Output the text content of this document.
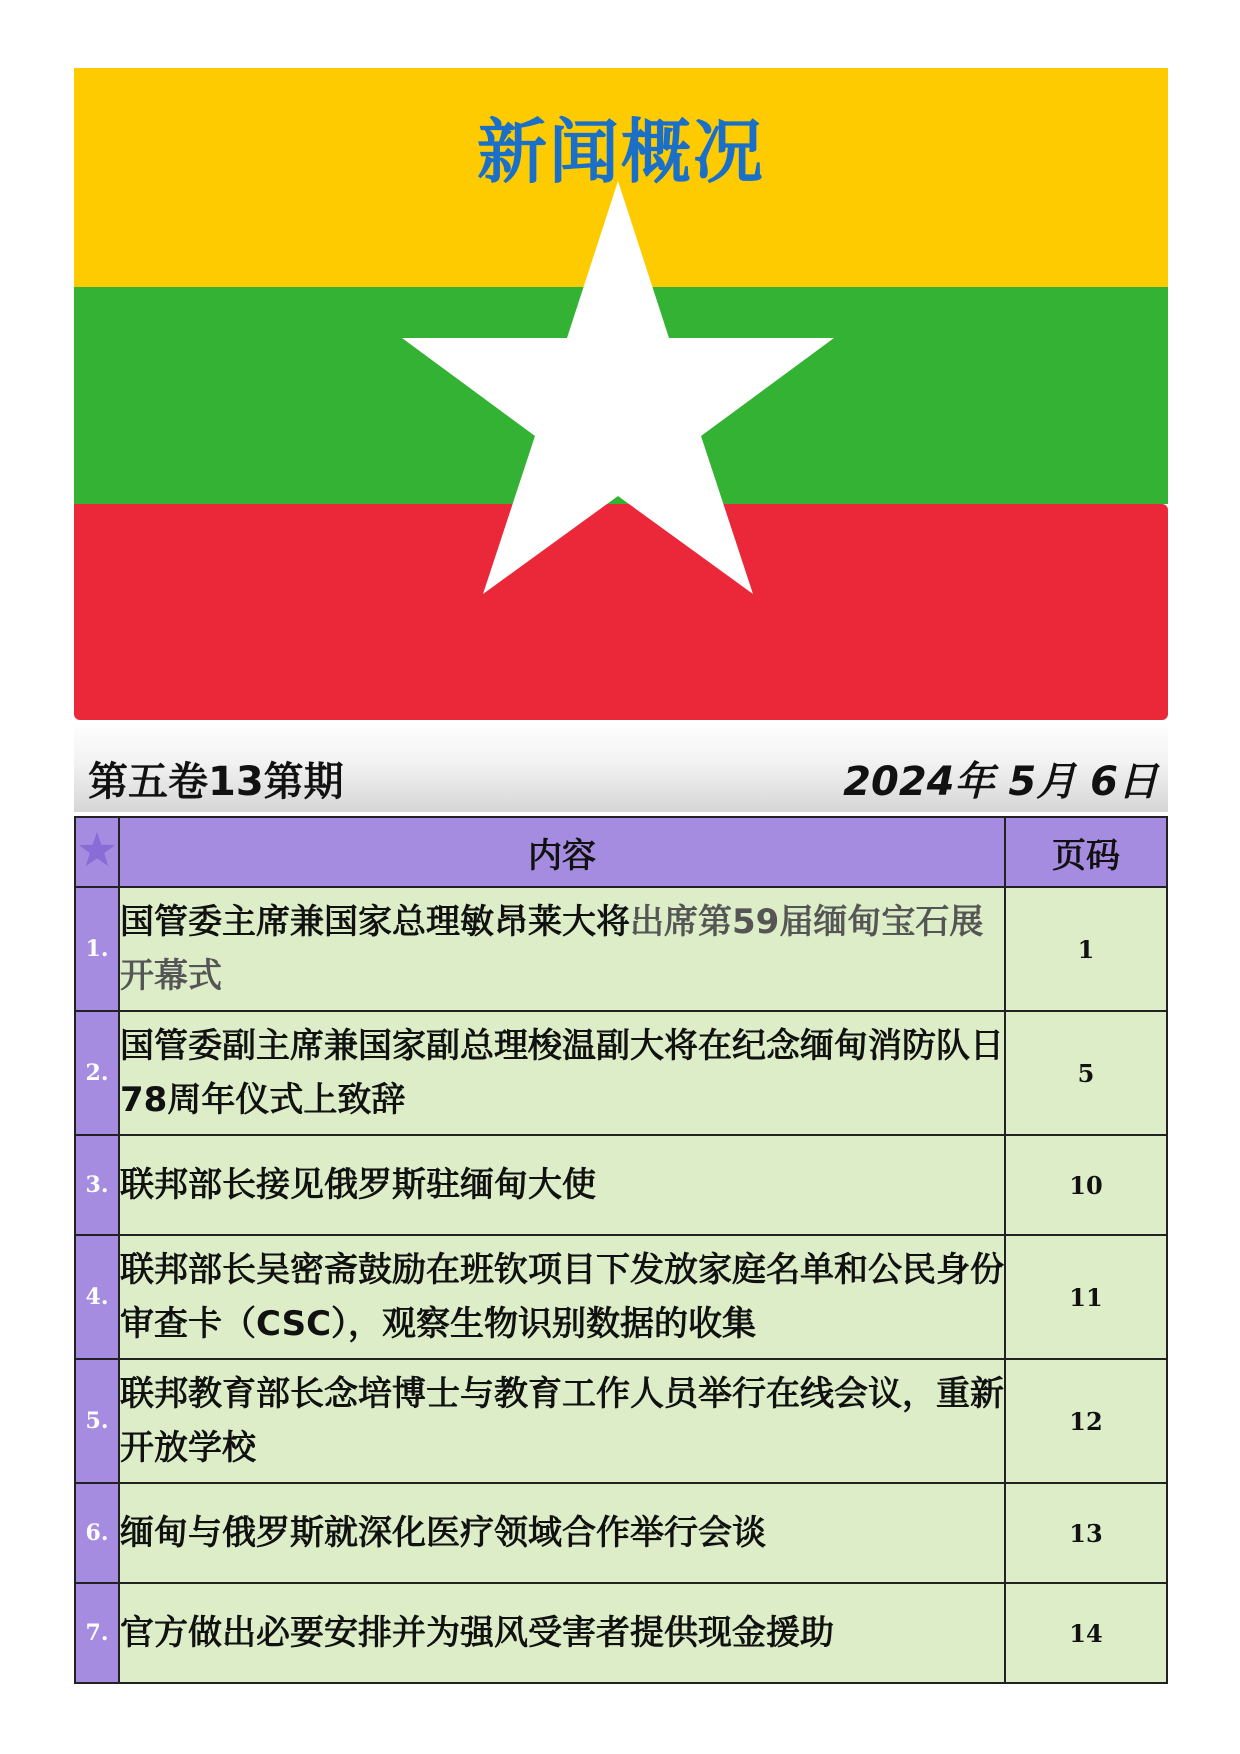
新闻概况
第五卷13第期	2024年 5月 6日
	内容	页码
1.	国管委主席兼国家总理敏昂莱大将出席第59届缅甸宝石展开幕式	1
2.	国管委副主席兼国家副总理梭温副大将在纪念缅甸消防队日78周年仪式上致辞	5
3.	联邦部长接见俄罗斯驻缅甸大使	10
4.	联邦部长吴密斋鼓励在班钦项目下发放家庭名单和公民身份审查卡（CSC），观察生物识别数据的收集	11
5.	联邦教育部长念培博士与教育工作人员举行在线会议，重新开放学校	12
6.	缅甸与俄罗斯就深化医疗领域合作举行会谈	13
7.	官方做出必要安排并为强风受害者提供现金援助	14
